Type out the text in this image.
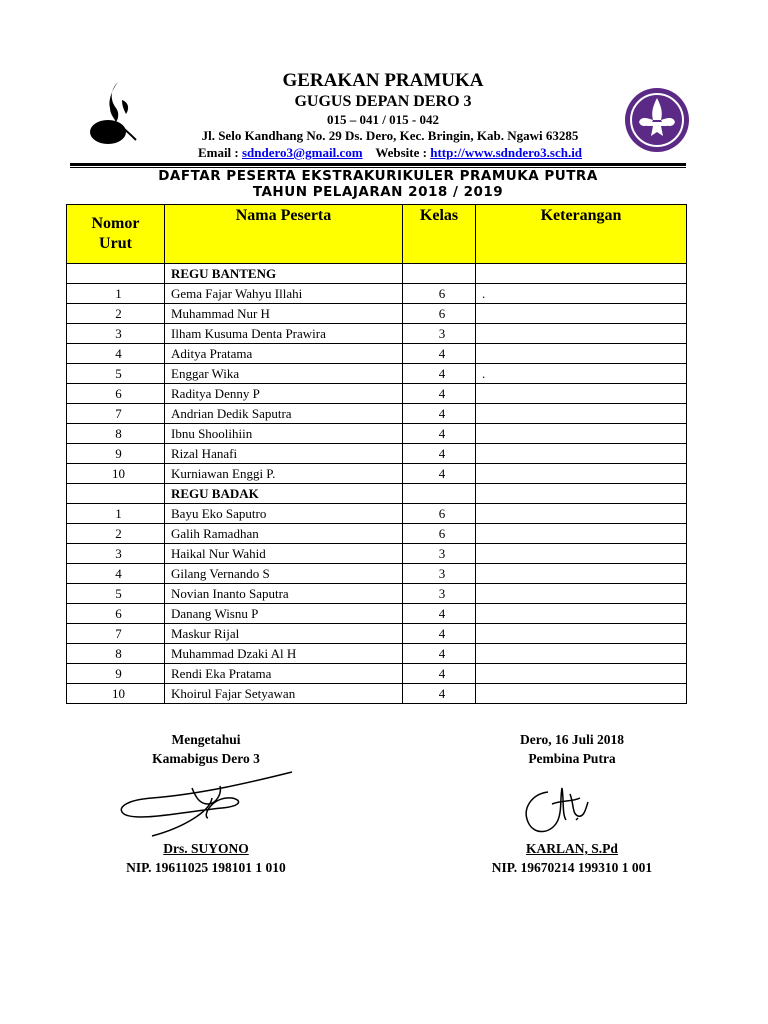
GERAKAN PRAMUKA
GUGUS DEPAN DERO 3
015 – 041 / 015 - 042
Jl. Selo Kandhang No. 29 Ds. Dero, Kec. Bringin, Kab. Ngawi 63285
Email : sdndero3@gmail.com Website : http://www.sdndero3.sch.id
DAFTAR PESERTA EKSTRAKURIKULER PRAMUKA PUTRA
TAHUN PELAJARAN 2018 / 2019
Nomor
Urut	Nama Peserta	Kelas	Keterangan
	REGU BANTENG		
1	Gema Fajar Wahyu Illahi	6	.
2	Muhammad Nur H	6	
3	Ilham Kusuma Denta Prawira	3	
4	Aditya Pratama	4	
5	Enggar Wika	4	.
6	Raditya Denny P	4	
7	Andrian Dedik Saputra	4	
8	Ibnu Shoolihiin	4	
9	Rizal Hanafi	4	
10	Kurniawan Enggi P.	4	
	REGU BADAK		
1	Bayu Eko Saputro	6	
2	Galih Ramadhan	6	
3	Haikal Nur Wahid	3	
4	Gilang Vernando S	3	
5	Novian Inanto Saputra	3	
6	Danang Wisnu P	4	
7	Maskur Rijal	4	
8	Muhammad Dzaki Al H	4	
9	Rendi Eka Pratama	4	
10	Khoirul Fajar Setyawan	4	
Mengetahui
Kamabigus Dero 3
Drs. SUYONO
NIP. 19611025 198101 1 010
Dero, 16 Juli 2018
Pembina Putra
KARLAN, S.Pd
NIP. 19670214 199310 1 001
